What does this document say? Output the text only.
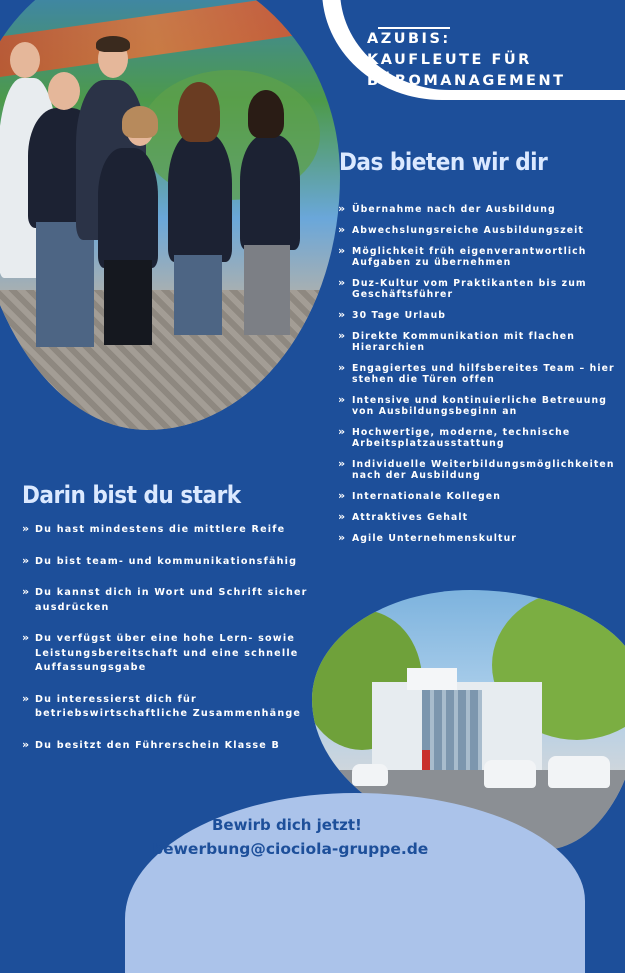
AZUBIS:
KAUFLEUTE FÜR
BÜROMANAGEMENT
Das bieten wir dir
» Übernahme nach der Ausbildung
» Abwechslungsreiche Ausbildungszeit
» Möglichkeit früh eigenverantwortlich Aufgaben zu übernehmen
» Duz-Kultur vom Praktikanten bis zum Geschäftsführer
» 30 Tage Urlaub
» Direkte Kommunikation mit flachen Hierarchien
» Engagiertes und hilfsbereites Team – hier stehen die Türen offen
» Intensive und kontinuierliche Betreuung von Ausbildungsbeginn an
» Hochwertige, moderne, technische Arbeitsplatzausstattung
» Individuelle Weiterbildungsmöglichkeiten nach der Ausbildung
» Internationale Kollegen
» Attraktives Gehalt
» Agile Unternehmenskultur
Darin bist du stark
» Du hast mindestens die mittlere Reife
» Du bist team- und kommunikationsfähig
» Du kannst dich in Wort und Schrift sicher ausdrücken
» Du verfügst über eine hohe Lern- sowie Leistungsbereitschaft und eine schnelle Auffassungsgabe
» Du interessierst dich für betriebswirtschaftliche Zusammenhänge
» Du besitzt den Führerschein Klasse B
Bewirb dich jetzt!
bewerbung@ciociola-gruppe.de
